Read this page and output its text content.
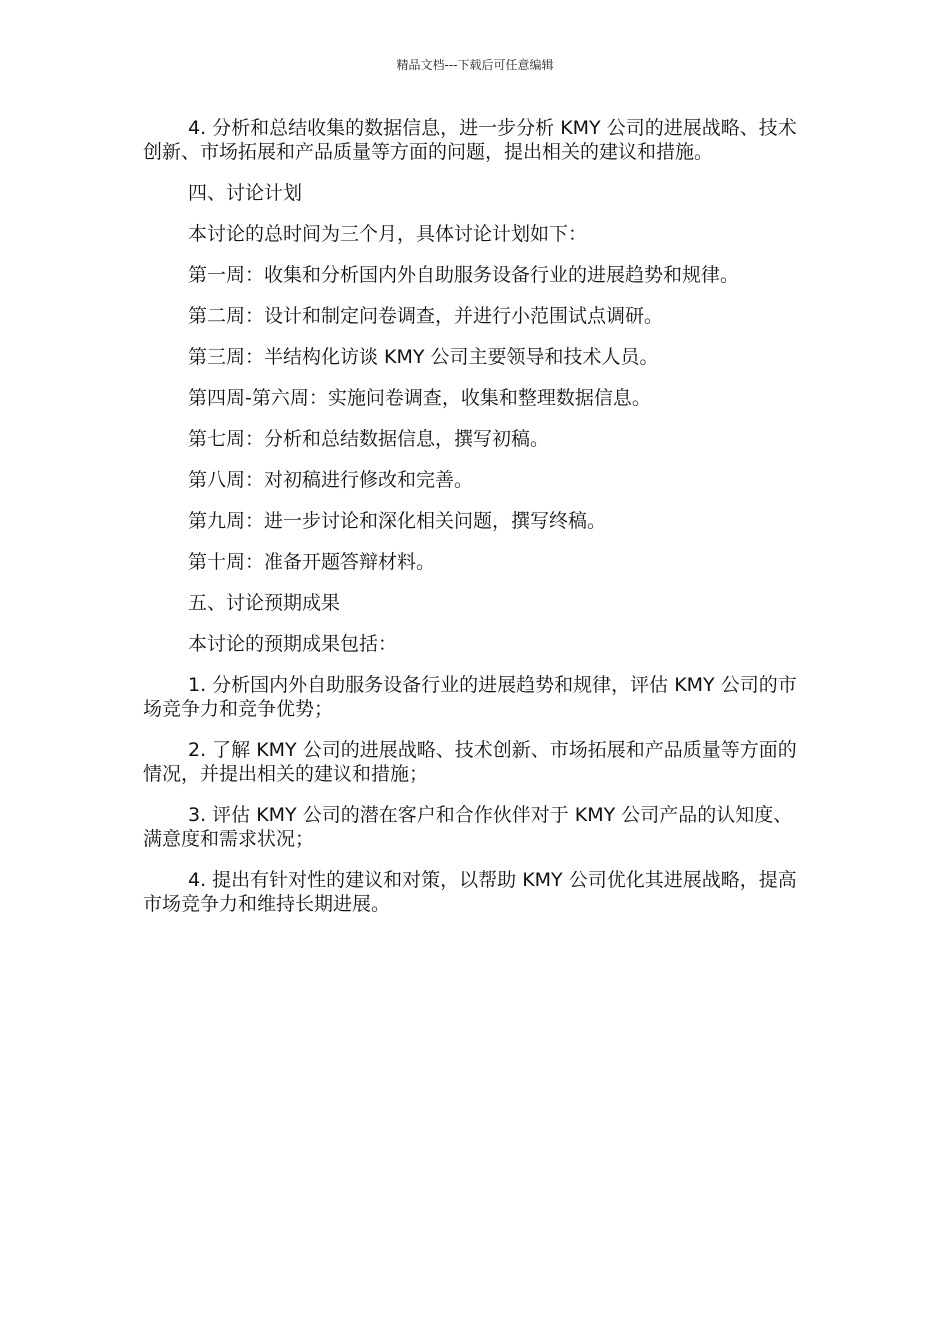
精品文档---下载后可任意编辑

4. 分析和总结收集的数据信息，进一步分析 KMY 公司的进展战略、技术创新、市场拓展和产品质量等方面的问题，提出相关的建议和措施。

四、讨论计划

本讨论的总时间为三个月，具体讨论计划如下：

第一周：收集和分析国内外自助服务设备行业的进展趋势和规律。

第二周：设计和制定问卷调查，并进行小范围试点调研。

第三周：半结构化访谈 KMY 公司主要领导和技术人员。

第四周-第六周：实施问卷调查，收集和整理数据信息。

第七周：分析和总结数据信息，撰写初稿。

第八周：对初稿进行修改和完善。

第九周：进一步讨论和深化相关问题，撰写终稿。

第十周：准备开题答辩材料。

五、讨论预期成果

本讨论的预期成果包括：

1. 分析国内外自助服务设备行业的进展趋势和规律，评估 KMY 公司的市场竞争力和竞争优势；

2. 了解 KMY 公司的进展战略、技术创新、市场拓展和产品质量等方面的情况，并提出相关的建议和措施；

3. 评估 KMY 公司的潜在客户和合作伙伴对于 KMY 公司产品的认知度、满意度和需求状况；

4. 提出有针对性的建议和对策，以帮助 KMY 公司优化其进展战略，提高市场竞争力和维持长期进展。
